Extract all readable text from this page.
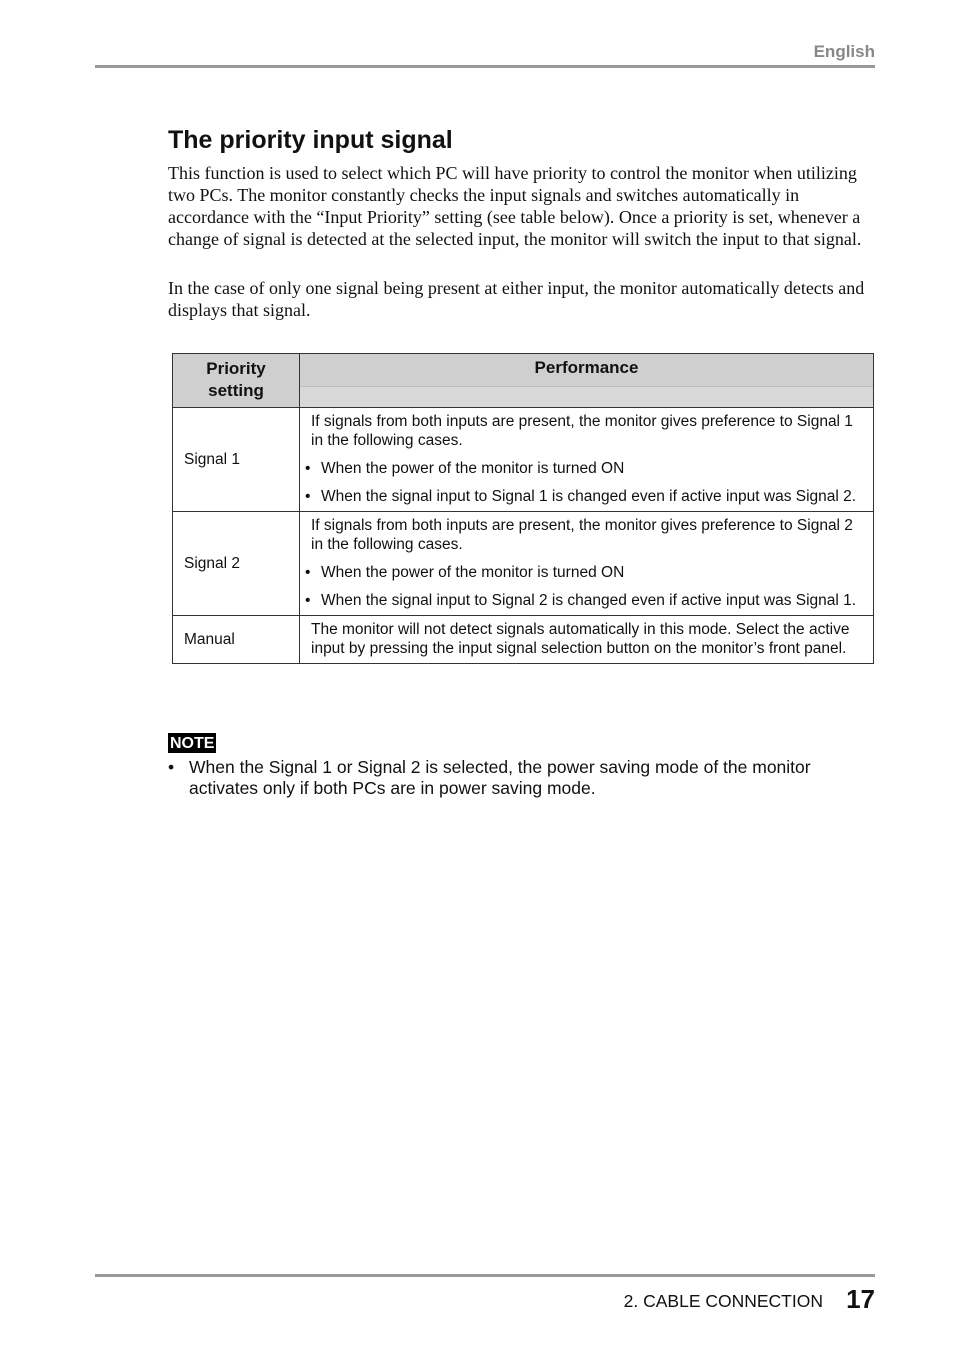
English
The priority input signal

This function is used to select which PC will have priority to control the monitor when utilizing two PCs. The monitor constantly checks the input signals and switches automatically in accordance with the “Input Priority” setting (see table below). Once a priority is set, whenever a change of signal is detected at the selected input, the monitor will switch the input to that signal.

In the case of only one signal being present at either input, the monitor automatically detects and displays that signal.

Priority setting	Performance

Signal 1	If signals from both inputs are present, the monitor gives preference to Signal 1 in the following cases.

• When the power of the monitor is turned ON
• When the signal input to Signal 1 is changed even if active input was Signal 2.

Signal 2	If signals from both inputs are present, the monitor gives preference to Signal 2 in the following cases.

• When the power of the monitor is turned ON
• When the signal input to Signal 2 is changed even if active input was Signal 1.

Manual	The monitor will not detect signals automatically in this mode. Select the active input by pressing the input signal selection button on the monitor’s front panel.

NOTE
• When the Signal 1 or Signal 2 is selected, the power saving mode of the monitor activates only if both PCs are in power saving mode.
2. CABLE CONNECTION 17
